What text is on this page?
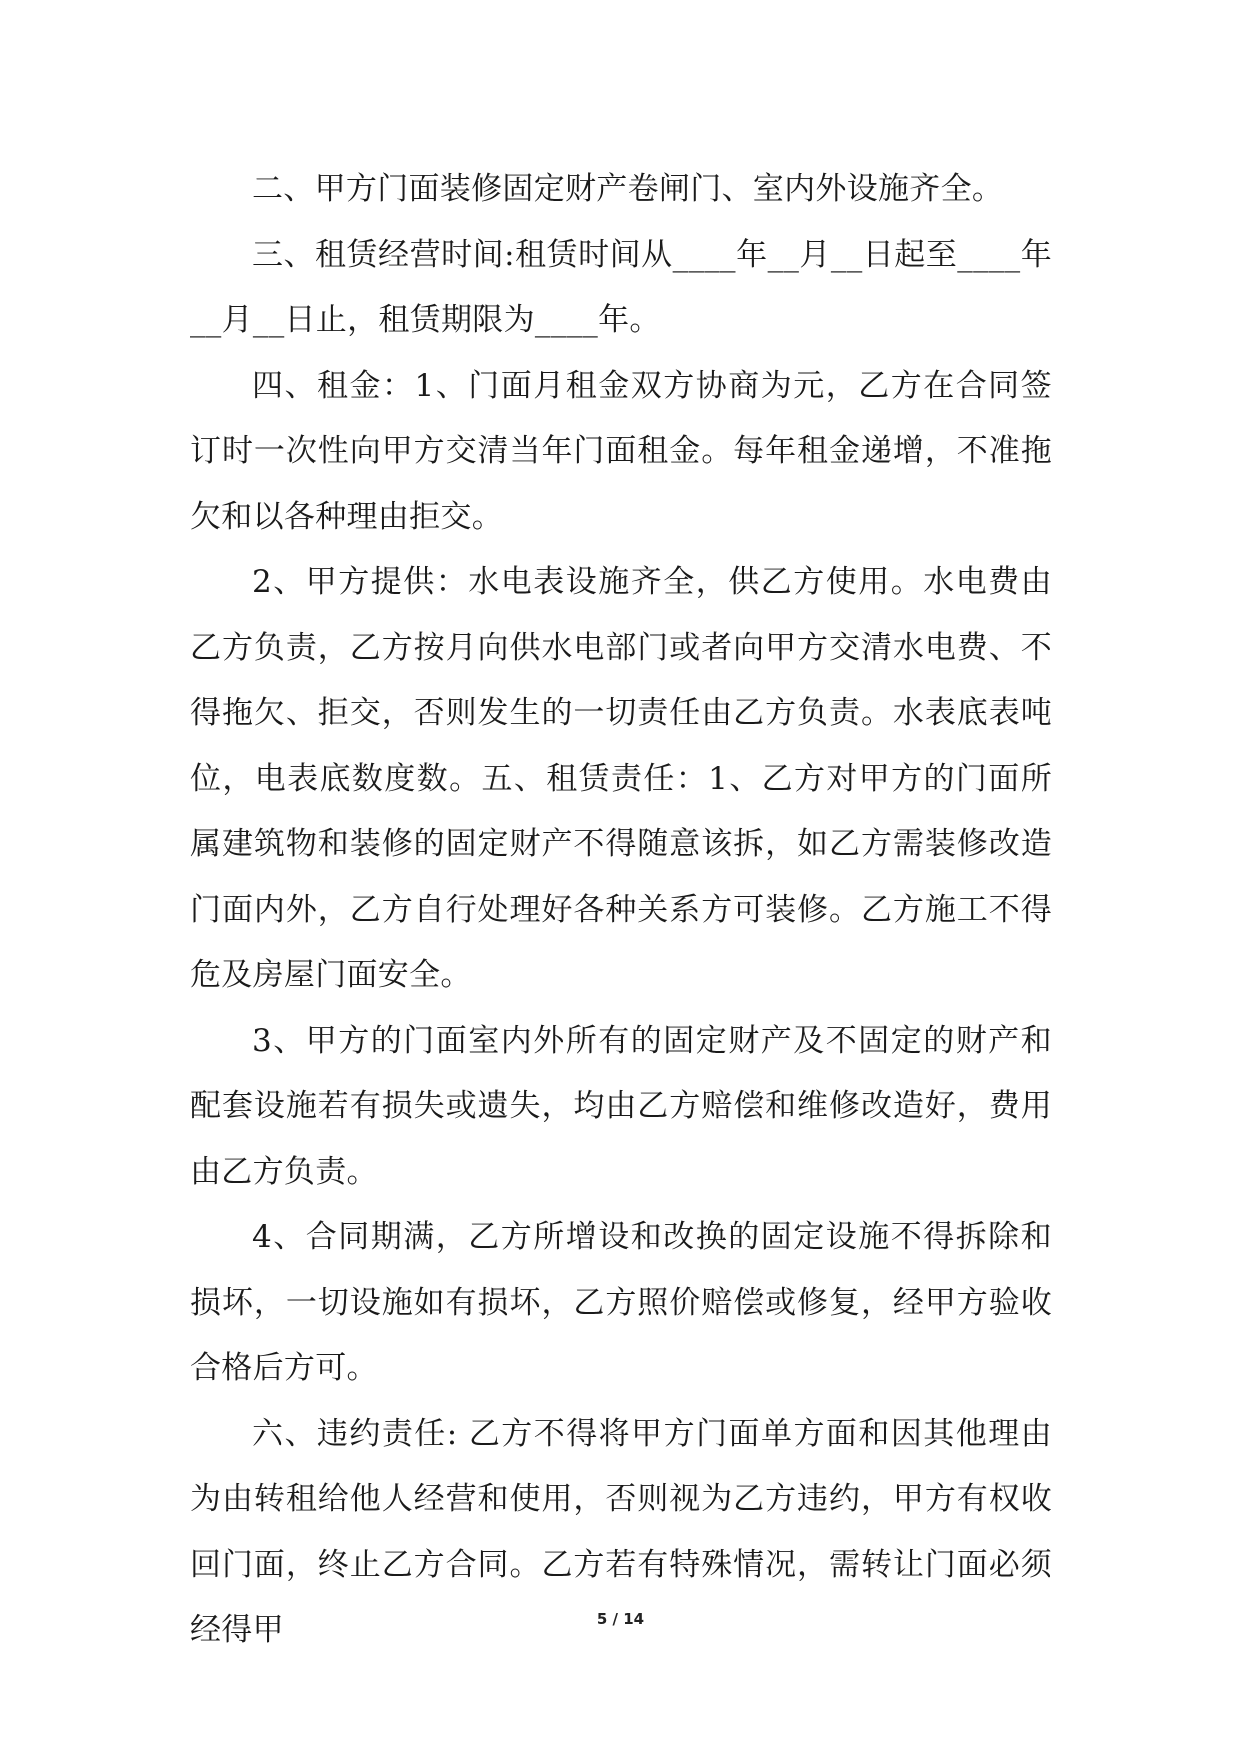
二、甲方门面装修固定财产卷闸门、室内外设施齐全。

三、租赁经营时间:租赁时间从____年__月__日起至____年__月__日止，租赁期限为____年。

四、租金：1、门面月租金双方协商为元，乙方在合同签订时一次性向甲方交清当年门面租金。每年租金递增，不准拖欠和以各种理由拒交。

2、甲方提供：水电表设施齐全，供乙方使用。水电费由乙方负责，乙方按月向供水电部门或者向甲方交清水电费、不得拖欠、拒交，否则发生的一切责任由乙方负责。水表底表吨位，电表底数度数。五、租赁责任：1、乙方对甲方的门面所属建筑物和装修的固定财产不得随意该拆，如乙方需装修改造门面内外，乙方自行处理好各种关系方可装修。乙方施工不得危及房屋门面安全。

3、甲方的门面室内外所有的固定财产及不固定的财产和配套设施若有损失或遗失，均由乙方赔偿和维修改造好，费用由乙方负责。

4、合同期满，乙方所增设和改换的固定设施不得拆除和损坏，一切设施如有损坏，乙方照价赔偿或修复，经甲方验收合格后方可。

六、违约责任: 乙方不得将甲方门面单方面和因其他理由为由转租给他人经营和使用，否则视为乙方违约，甲方有权收回门面，终止乙方合同。乙方若有特殊情况，需转让门面必须经得甲	5 / 14
